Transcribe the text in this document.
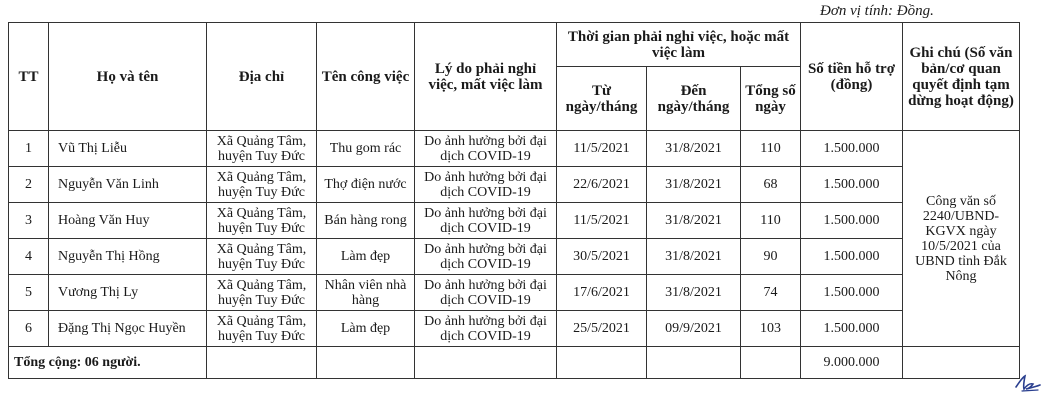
Đơn vị tính: Đồng.
TT	Họ và tên	Địa chỉ	Tên công việc	Lý do phải nghỉ việc, mất việc làm	Thời gian phải nghỉ việc, hoặc mất việc làm			Số tiền hỗ trợ (đồng)	Ghi chú (Số văn bản/cơ quan quyết định tạm dừng hoạt động)
					Từ ngày/tháng	Đến ngày/tháng	Tổng số ngày		
1	Vũ Thị Liễu	Xã Quảng Tâm, huyện Tuy Đức	Thu gom rác	Do ảnh hưởng bởi đại dịch COVID-19	11/5/2021	31/8/2021	110	1.500.000	Công văn số 2240/UBND-KGVX ngày 10/5/2021 của UBND tỉnh Đắk Nông
2	Nguyễn Văn Linh	Xã Quảng Tâm, huyện Tuy Đức	Thợ điện nước	Do ảnh hưởng bởi đại dịch COVID-19	22/6/2021	31/8/2021	68	1.500.000	
3	Hoàng Văn Huy	Xã Quảng Tâm, huyện Tuy Đức	Bán hàng rong	Do ảnh hưởng bởi đại dịch COVID-19	11/5/2021	31/8/2021	110	1.500.000	
4	Nguyễn Thị Hồng	Xã Quảng Tâm, huyện Tuy Đức	Làm đẹp	Do ảnh hưởng bởi đại dịch COVID-19	30/5/2021	31/8/2021	90	1.500.000	
5	Vương Thị Ly	Xã Quảng Tâm, huyện Tuy Đức	Nhân viên nhà hàng	Do ảnh hưởng bởi đại dịch COVID-19	17/6/2021	31/8/2021	74	1.500.000	
6	Đặng Thị Ngọc Huyền	Xã Quảng Tâm, huyện Tuy Đức	Làm đẹp	Do ảnh hưởng bởi đại dịch COVID-19	25/5/2021	09/9/2021	103	1.500.000	
Tổng cộng: 06 người.								9.000.000	
